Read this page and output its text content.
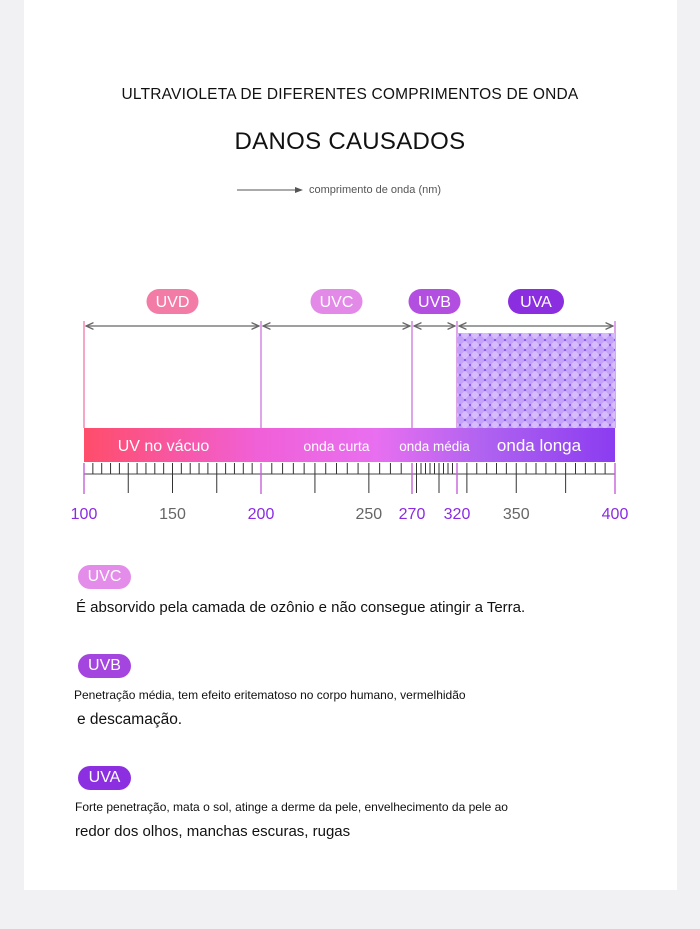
ULTRAVIOLETA DE DIFERENTES COMPRIMENTOS DE ONDA
DANOS CAUSADOS
comprimento de onda (nm)
UVD	UVC	UVB	UVA
UV no vácuo	onda curta onda média onda longa
100	150	200	250 270 320 350	400
UVC
É absorvido pela camada de ozônio e não consegue atingir a Terra.
UVB
Penetração média, tem efeito eritematoso no corpo humano, vermelhidão
e descamação.
UVA
Forte penetração, mata o sol, atinge a derme da pele, envelhecimento da pele ao
redor dos olhos, manchas escuras, rugas
